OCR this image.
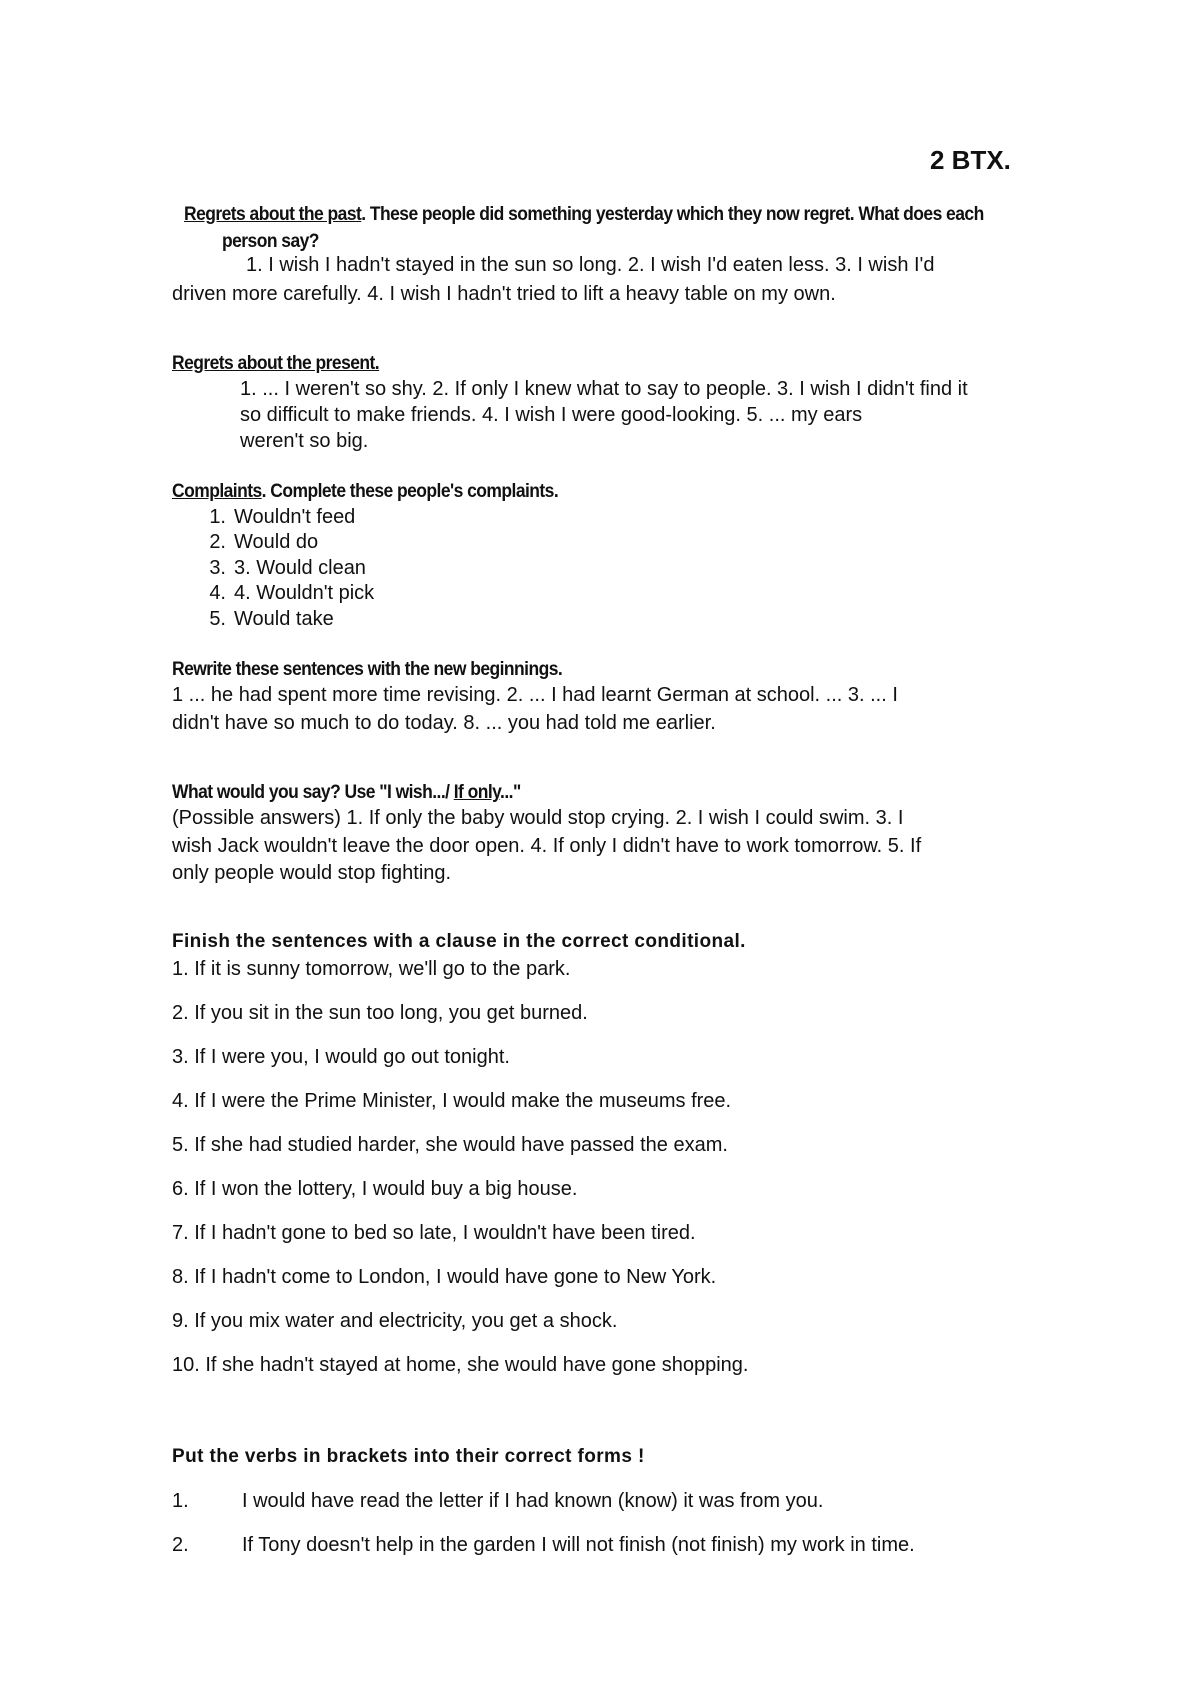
2 BTX.
Regrets about the past. These people did something yesterday which they now regret. What does each
person say?
1. I wish I hadn't stayed in the sun so long. 2. I wish I'd eaten less. 3. I wish I'd
driven more carefully. 4. I wish I hadn't tried to lift a heavy table on my own.
Regrets about the present.
1. ... I weren't so shy. 2. If only I knew what to say to people. 3. I wish I didn't find it
so difficult to make friends. 4. I wish I were good-looking. 5. ... my ears
weren't so big.
Complaints. Complete these people's complaints.
1. Wouldn't feed
2. Would do
3. 3. Would clean
4. 4. Wouldn't pick
5. Would take
Rewrite these sentences with the new beginnings.
1 ... he had spent more time revising. 2. ... I had learnt German at school. ... 3. ... I
didn't have so much to do today. 8. ... you had told me earlier.
What would you say? Use "I wish.../ If only..."
(Possible answers) 1. If only the baby would stop crying. 2. I wish I could swim. 3. I
wish Jack wouldn't leave the door open. 4. If only I didn't have to work tomorrow. 5. If
only people would stop fighting.
Finish the sentences with a clause in the correct conditional.
1. If it is sunny tomorrow, we'll go to the park.
2. If you sit in the sun too long, you get burned.
3. If I were you, I would go out tonight.
4. If I were the Prime Minister, I would make the museums free.
5. If she had studied harder, she would have passed the exam.
6. If I won the lottery, I would buy a big house.
7. If I hadn't gone to bed so late, I wouldn't have been tired.
8. If I hadn't come to London, I would have gone to New York.
9. If you mix water and electricity, you get a shock.
10. If she hadn't stayed at home, she would have gone shopping.
Put the verbs in brackets into their correct forms !
1.	I would have read the letter if I had known (know) it was from you.
2.	If Tony doesn't help in the garden I will not finish (not finish) my work in time.
